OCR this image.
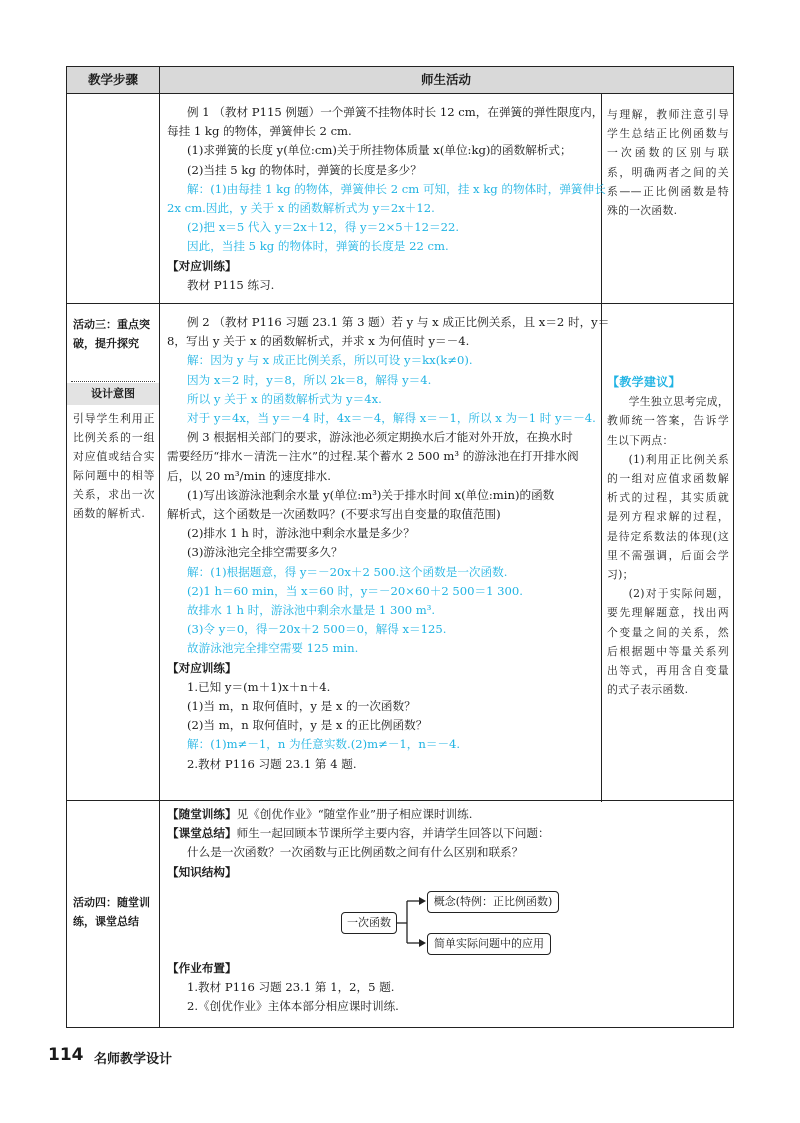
教学步骤	师生活动

例 1 （教材 P115 例题）一个弹簧不挂物体时长 12 cm，在弹簧的弹性限度内，

每挂 1 kg 的物体，弹簧伸长 2 cm.

(1)求弹簧的长度 y(单位:cm)关于所挂物体质量 x(单位:kg)的函数解析式；

(2)当挂 5 kg 的物体时，弹簧的长度是多少？

解：(1)由每挂 1 kg 的物体，弹簧伸长 2 cm 可知，挂 x kg 的物体时，弹簧伸长

2x cm.因此，y 关于 x 的函数解析式为 y＝2x＋12.

(2)把 x＝5 代入 y＝2x＋12，得 y＝2×5＋12＝22.

因此，当挂 5 kg 的物体时，弹簧的长度是 22 cm.

【对应训练】

教材 P115 练习.

与理解，教师注意引导学生总结正比例函数与一次函数的区别与联系，明确两者之间的关系——正比例函数是特殊的一次函数.

活动三：重点突破，提升探究
设计意图
引导学生利用正比例关系的一组对应值或结合实际问题中的相等关系，求出一次函数的解析式.

例 2 （教材 P116 习题 23.1 第 3 题）若 y 与 x 成正比例关系，且 x＝2 时，y＝

8，写出 y 关于 x 的函数解析式，并求 x 为何值时 y＝－4.

解：因为 y 与 x 成正比例关系，所以可设 y＝kx(k≠0).

因为 x＝2 时，y＝8，所以 2k＝8，解得 y＝4.

所以 y 关于 x 的函数解析式为 y＝4x.

对于 y＝4x，当 y＝－4 时，4x＝－4，解得 x＝－1，所以 x 为－1 时 y＝－4.

例 3 根据相关部门的要求，游泳池必须定期换水后才能对外开放，在换水时

需要经历“排水－清洗－注水”的过程.某个蓄水 2 500 m³ 的游泳池在打开排水阀

后，以 20 m³/min 的速度排水.

(1)写出该游泳池剩余水量 y(单位:m³)关于排水时间 x(单位:min)的函数

解析式，这个函数是一次函数吗？(不要求写出自变量的取值范围)

(2)排水 1 h 时，游泳池中剩余水量是多少？

(3)游泳池完全排空需要多久？

解：(1)根据题意，得 y＝－20x＋2 500.这个函数是一次函数.

(2)1 h＝60 min，当 x＝60 时，y＝－20×60＋2 500＝1 300.

故排水 1 h 时，游泳池中剩余水量是 1 300 m³.

(3)令 y＝0，得－20x＋2 500＝0，解得 x＝125.

故游泳池完全排空需要 125 min.

【对应训练】

1.已知 y＝(m＋1)x＋n＋4.

(1)当 m，n 取何值时，y 是 x 的一次函数？

(2)当 m，n 取何值时，y 是 x 的正比例函数？

解：(1)m≠－1，n 为任意实数.(2)m≠－1，n＝－4.

2.教材 P116 习题 23.1 第 4 题.

【教学建议】

学生独立思考完成，教师统一答案，告诉学生以下两点：

(1)利用正比例关系的一组对应值求函数解析式的过程，其实质就是列方程求解的过程，是待定系数法的体现(这里不需强调，后面会学习)；

(2)对于实际问题，要先理解题意，找出两个变量之间的关系，然后根据题中等量关系列出等式，再用含自变量的式子表示函数.

活动四：随堂训练，课堂总结

【随堂训练】见《创优作业》“随堂作业”册子相应课时训练.

【课堂总结】师生一起回顾本节课所学主要内容，并请学生回答以下问题：

什么是一次函数？一次函数与正比例函数之间有什么区别和联系？

【知识结构】

一次函数
概念(特例：正比例函数)
简单实际问题中的应用

【作业布置】

1.教材 P116 习题 23.1 第 1，2，5 题.

2.《创优作业》主体本部分相应课时训练.

114 名师教学设计
